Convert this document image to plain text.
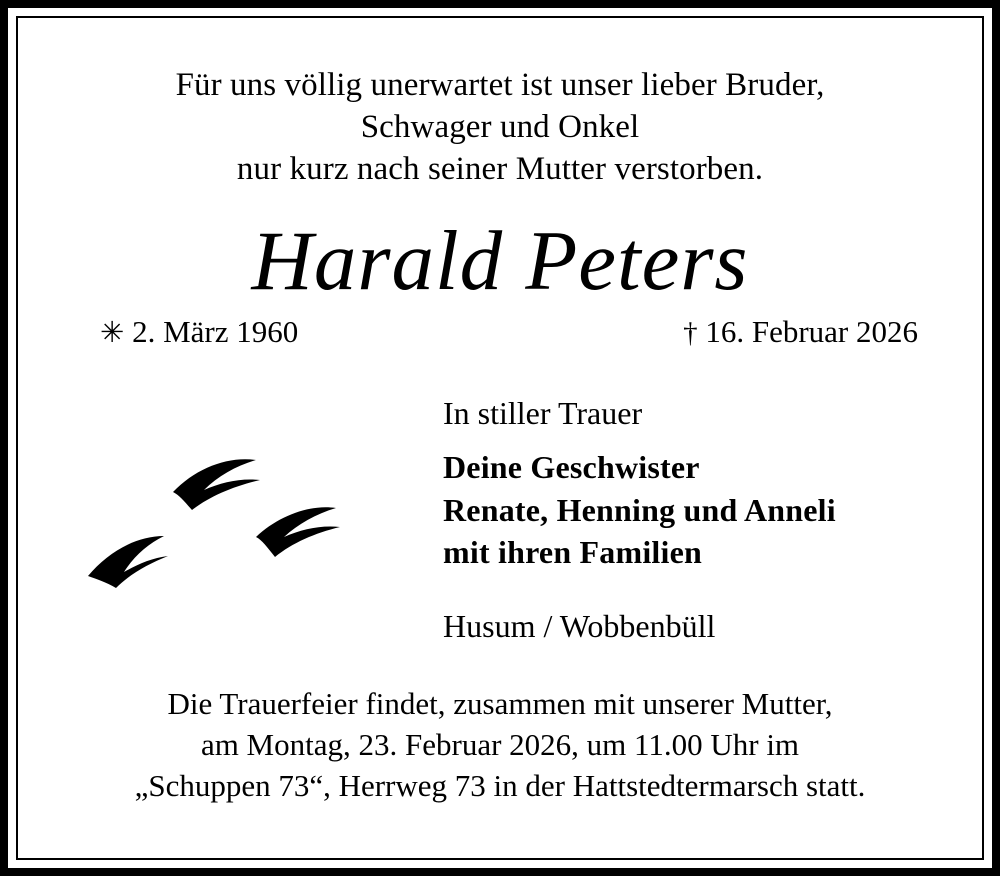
Für uns völlig unerwartet ist unser lieber Bruder,
Schwager und Onkel
nur kurz nach seiner Mutter verstorben.
Harald Peters
✳ 2. März 1960	† 16. Februar 2026
In stiller Trauer
Deine Geschwister
Renate, Henning und Anneli
mit ihren Familien
Husum / Wobbenbüll
Die Trauerfeier findet, zusammen mit unserer Mutter,
am Montag, 23. Februar 2026, um 11.00 Uhr im
„Schuppen 73“, Herrweg 73 in der Hattstedtermarsch statt.
